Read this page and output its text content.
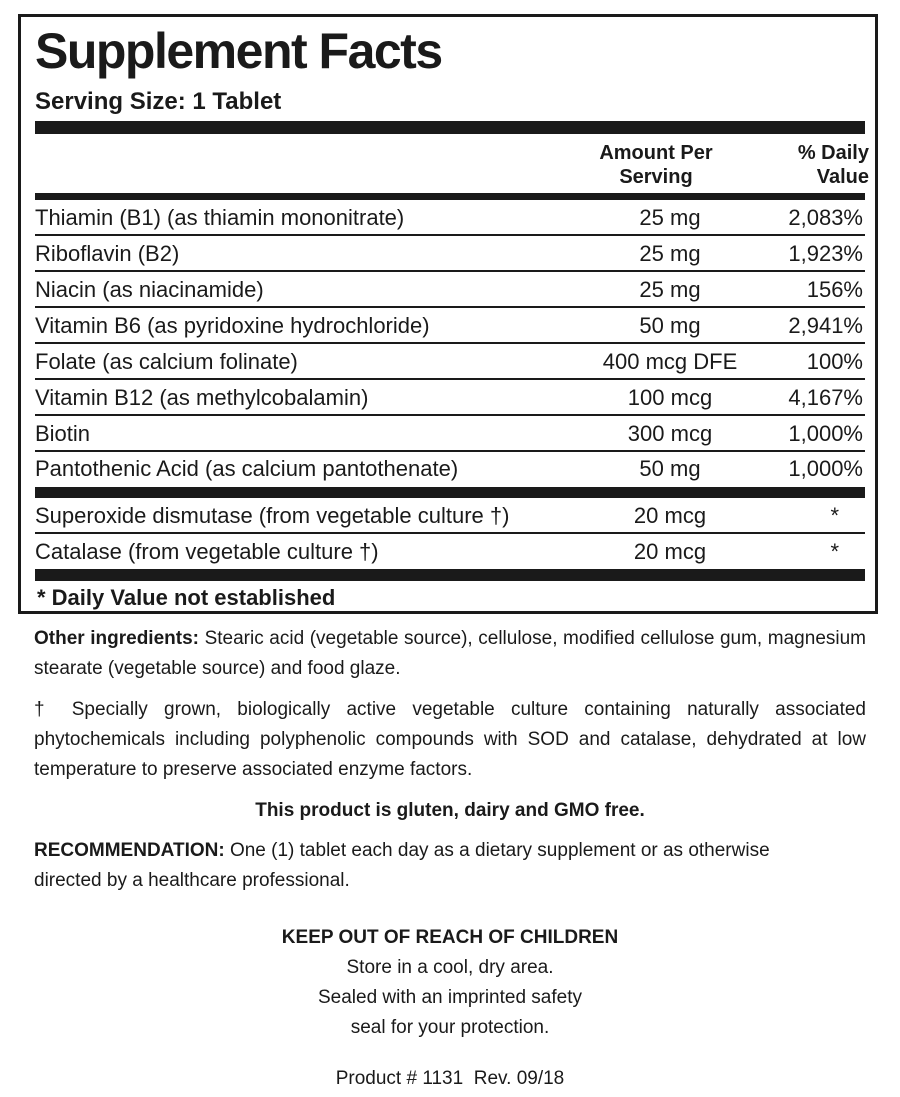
Supplement Facts
Serving Size: 1 Tablet
Amount Per
Serving
% Daily
Value
Thiamin (B1) (as thiamin mononitrate)	25 mg	2,083%
Riboflavin (B2)	25 mg	1,923%
Niacin (as niacinamide)	25 mg	156%
Vitamin B6 (as pyridoxine hydrochloride)	50 mg	2,941%
Folate (as calcium folinate)	400 mcg DFE	100%
Vitamin B12 (as methylcobalamin)	100 mcg	4,167%
Biotin	300 mcg	1,000%
Pantothenic Acid (as calcium pantothenate)	50 mg	1,000%
Superoxide dismutase (from vegetable culture †)	20 mcg	*
Catalase (from vegetable culture †)	20 mcg	*
* Daily Value not established
Other ingredients: Stearic acid (vegetable source), cellulose, modified cellulose gum, magnesium stearate (vegetable source) and food glaze.
† Specially grown, biologically active vegetable culture containing naturally associated phytochemicals including polyphenolic compounds with SOD and catalase, dehydrated at low temperature to preserve associated enzyme factors.
This product is gluten, dairy and GMO free.
RECOMMENDATION: One (1) tablet each day as a dietary supplement or as otherwise
directed by a healthcare professional.
KEEP OUT OF REACH OF CHILDREN
Store in a cool, dry area.
Sealed with an imprinted safety
seal for your protection.
Product # 1131  Rev. 09/18
